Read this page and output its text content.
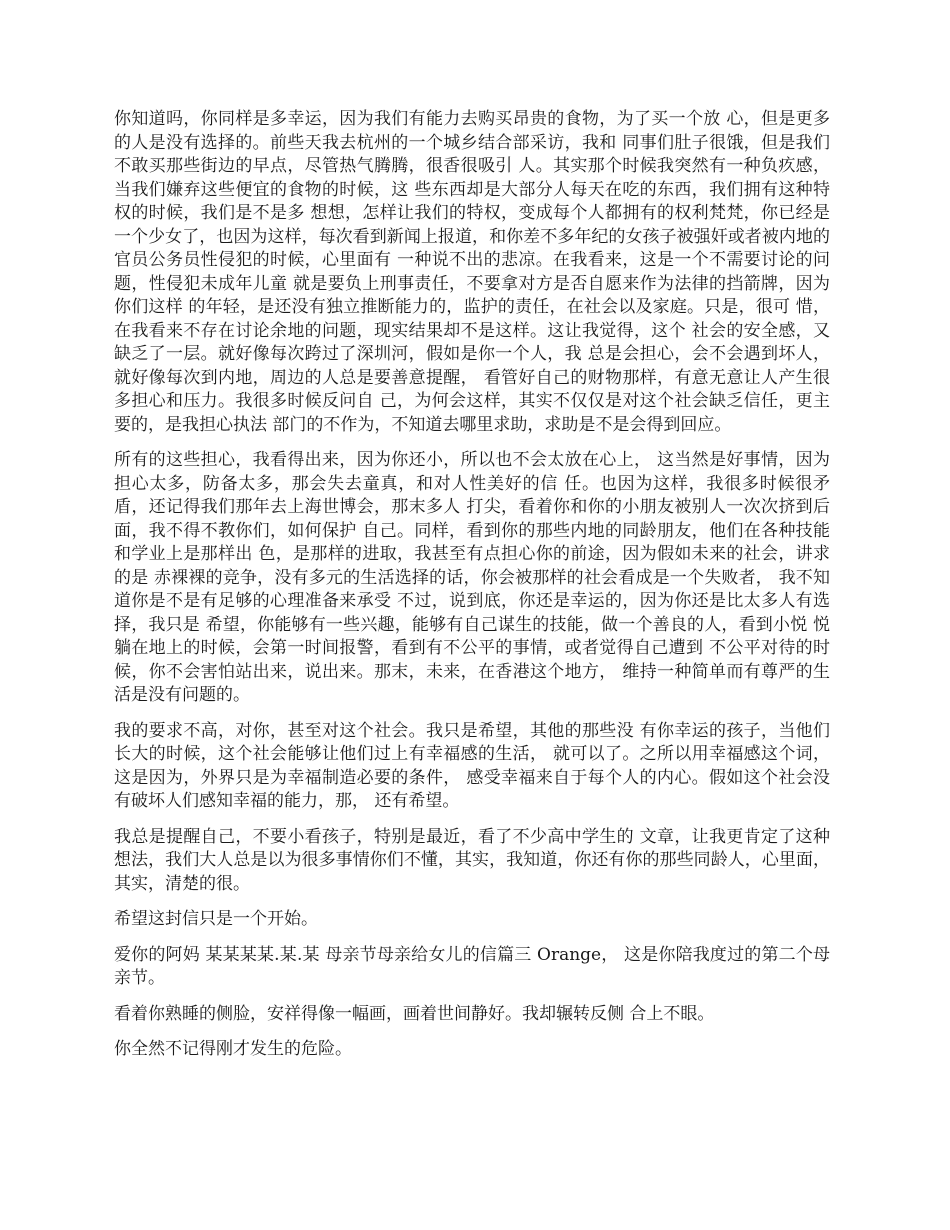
你知道吗，你同样是多幸运，因为我们有能力去购买昂贵的食物，为了买一个放 心，但是更多的人是没有选择的。前些天我去杭州的一个城乡结合部采访，我和 同事们肚子很饿，但是我们不敢买那些街边的早点，尽管热气腾腾，很香很吸引 人。其实那个时候我突然有一种负疚感，当我们嫌弃这些便宜的食物的时候，这 些东西却是大部分人每天在吃的东西，我们拥有这种特权的时候，我们是不是多 想想，怎样让我们的特权，变成每个人都拥有的权利梵梵，你已经是一个少女了，也因为这样，每次看到新闻上报道，和你差不多年纪的女孩子被强奸或者被内地的官员公务员性侵犯的时候，心里面有 一种说不出的悲凉。在我看来，这是一个不需要讨论的问题，性侵犯未成年儿童 就是要负上刑事责任，不要拿对方是否自愿来作为法律的挡箭牌，因为你们这样 的年轻，是还没有独立推断能力的，监护的责任，在社会以及家庭。只是，很可 惜，在我看来不存在讨论余地的问题，现实结果却不是这样。这让我觉得，这个 社会的安全感，又缺乏了一层。就好像每次跨过了深圳河，假如是你一个人，我 总是会担心，会不会遇到坏人，就好像每次到内地，周边的人总是要善意提醒， 看管好自己的财物那样，有意无意让人产生很多担心和压力。我很多时候反问自 己，为何会这样，其实不仅仅是对这个社会缺乏信任，更主要的，是我担心执法 部门的不作为，不知道去哪里求助，求助是不是会得到回应。

所有的这些担心，我看得出来，因为你还小，所以也不会太放在心上， 这当然是好事情，因为担心太多，防备太多，那会失去童真，和对人性美好的信 任。也因为这样，我很多时候很矛盾，还记得我们那年去上海世博会，那末多人 打尖，看着你和你的小朋友被别人一次次挤到后面，我不得不教你们，如何保护 自己。同样，看到你的那些内地的同龄朋友，他们在各种技能和学业上是那样出 色，是那样的进取，我甚至有点担心你的前途，因为假如未来的社会，讲求的是 赤裸裸的竞争，没有多元的生活选择的话，你会被那样的社会看成是一个失败者， 我不知道你是不是有足够的心理准备来承受 不过，说到底，你还是幸运的，因为你还是比太多人有选择，我只是 希望，你能够有一些兴趣，能够有自己谋生的技能，做一个善良的人，看到小悦 悦躺在地上的时候，会第一时间报警，看到有不公平的事情，或者觉得自己遭到 不公平对待的时候，你不会害怕站出来，说出来。那末，未来，在香港这个地方， 维持一种简单而有尊严的生活是没有问题的。

我的要求不高，对你，甚至对这个社会。我只是希望，其他的那些没 有你幸运的孩子，当他们长大的时候，这个社会能够让他们过上有幸福感的生活， 就可以了。之所以用幸福感这个词，这是因为，外界只是为幸福制造必要的条件， 感受幸福来自于每个人的内心。假如这个社会没有破坏人们感知幸福的能力，那， 还有希望。

我总是提醒自己，不要小看孩子，特别是最近，看了不少高中学生的 文章，让我更肯定了这种想法，我们大人总是以为很多事情你们不懂，其实，我知道，你还有你的那些同龄人，心里面，其实，清楚的很。

希望这封信只是一个开始。

爱你的阿妈 某某某某.某.某 母亲节母亲给女儿的信篇三 Orange， 这是你陪我度过的第二个母亲节。

看着你熟睡的侧脸，安祥得像一幅画，画着世间静好。我却辗转反侧 合上不眼。

你全然不记得刚才发生的危险。
